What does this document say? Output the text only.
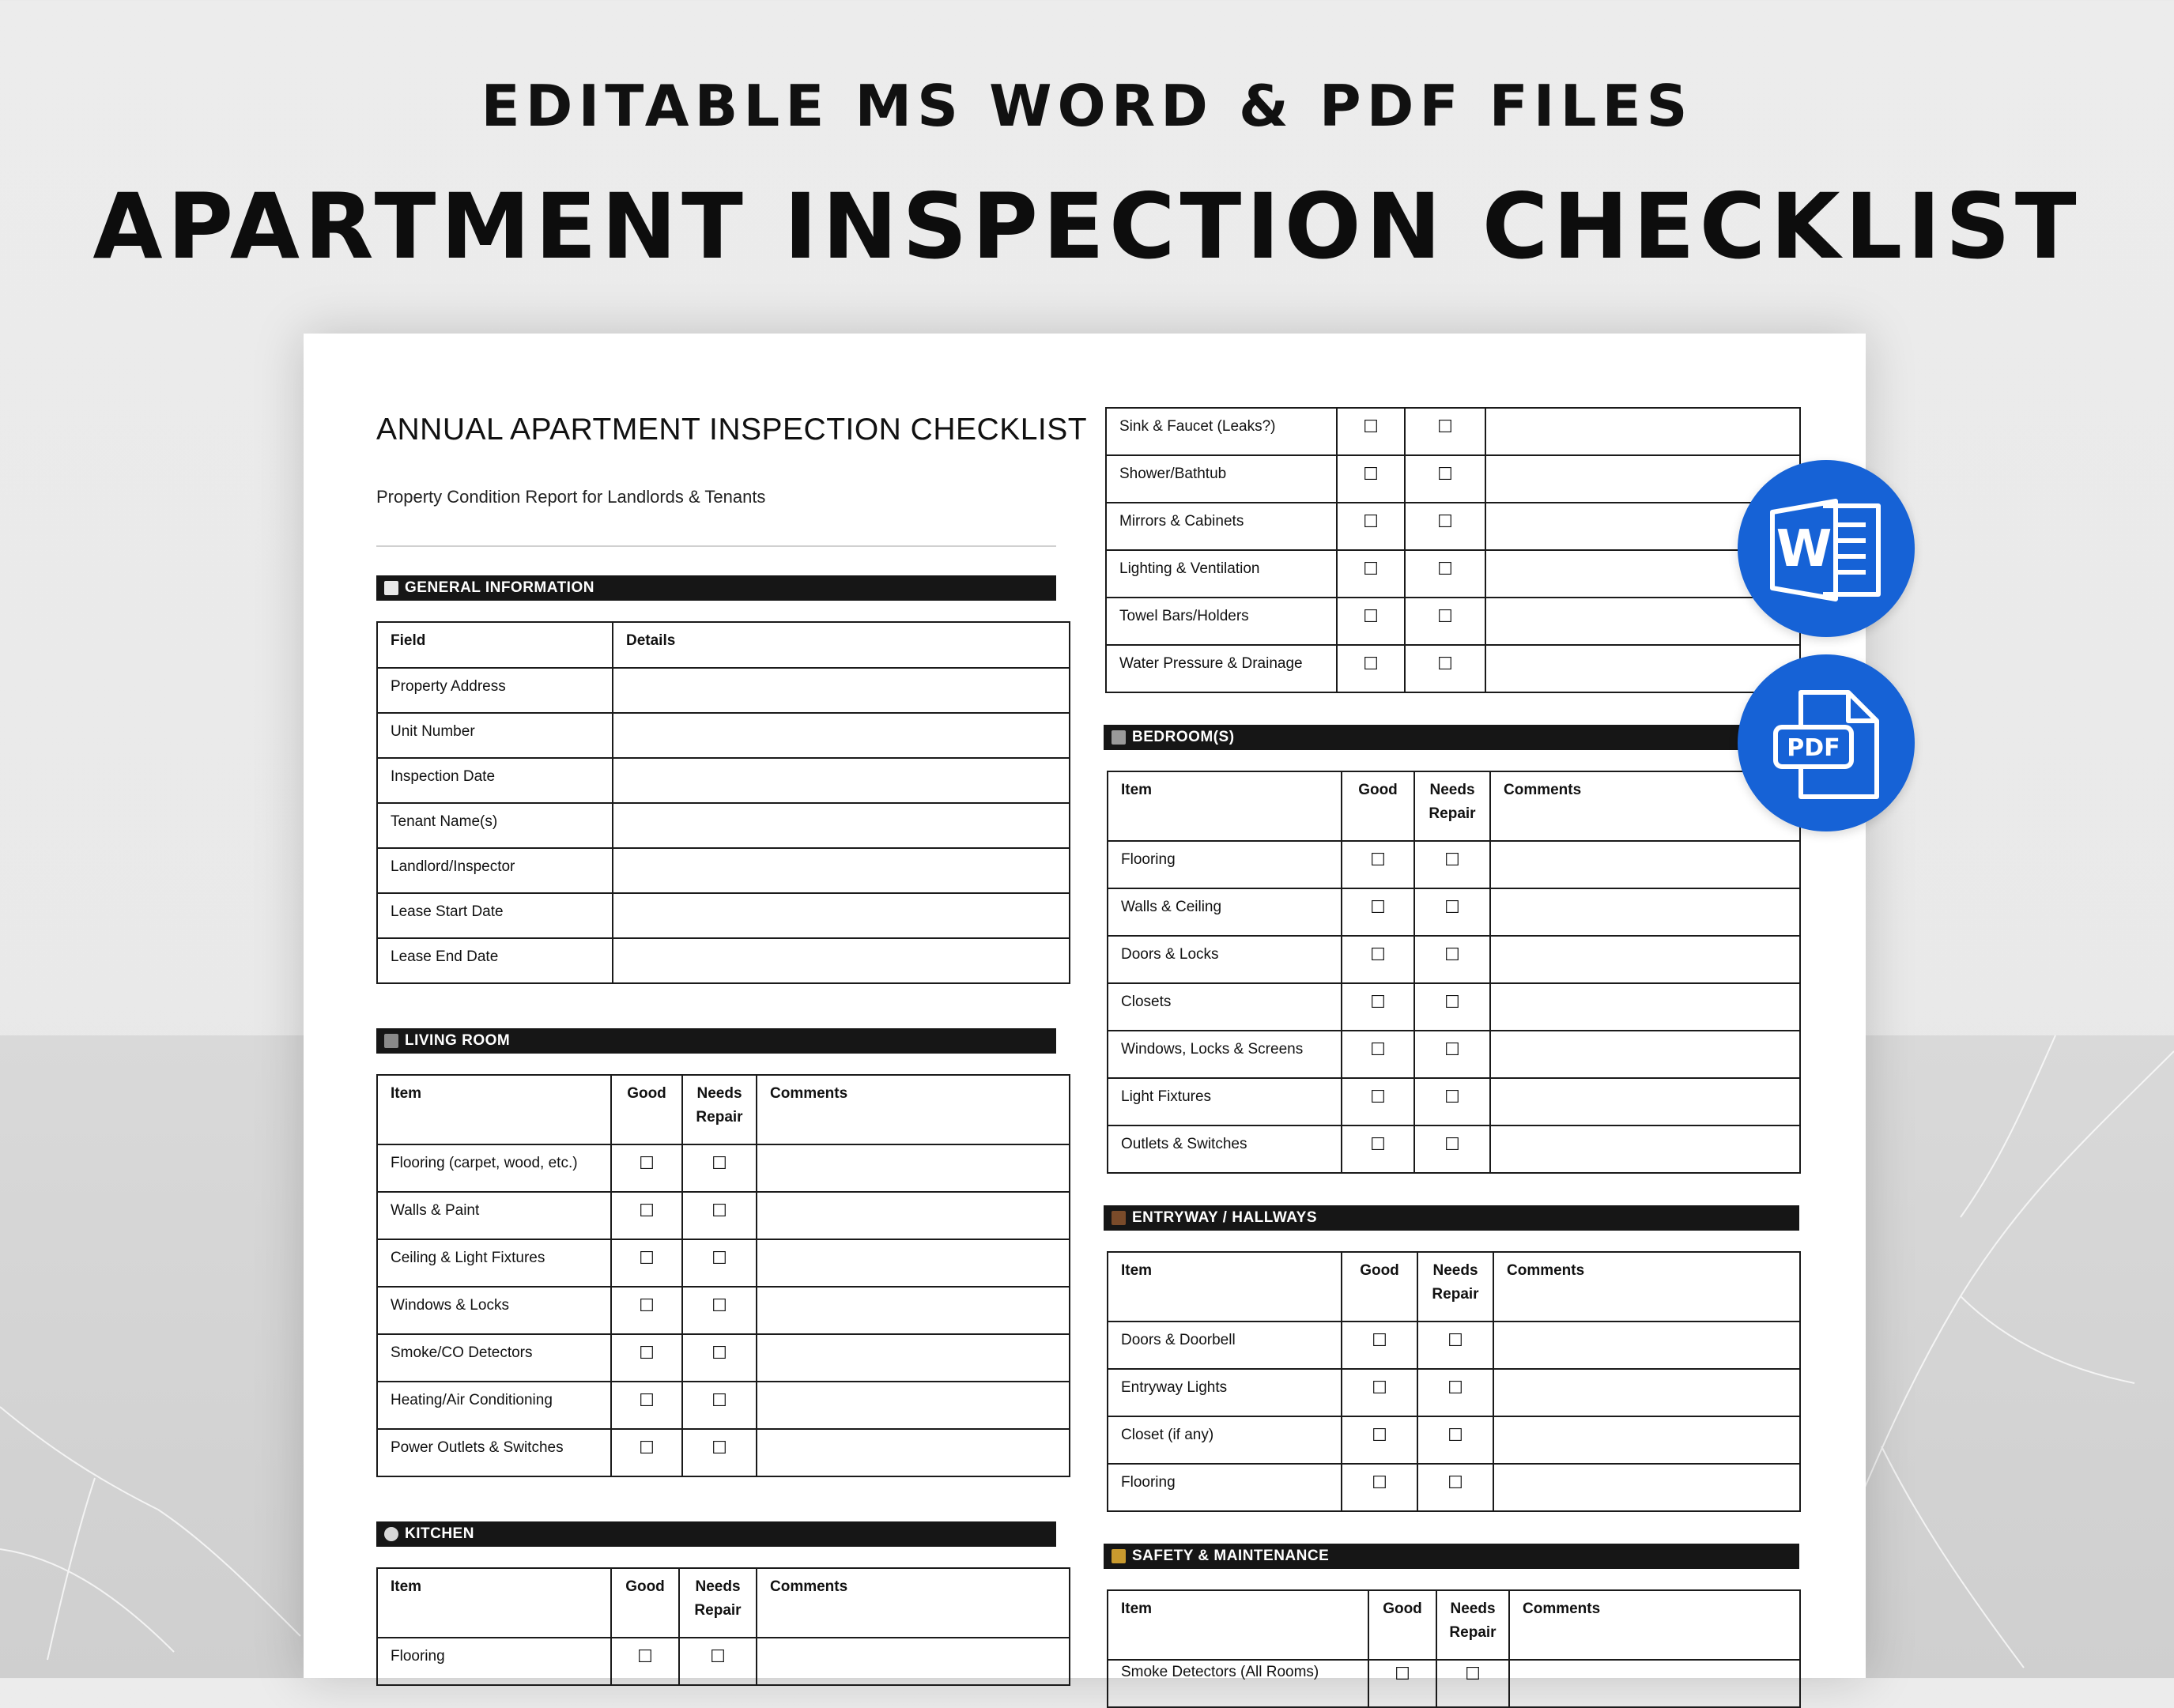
EDITABLE MS WORD & PDF FILES
APARTMENT INSPECTION CHECKLIST
ANNUAL APARTMENT INSPECTION CHECKLIST
Property Condition Report for Landlords & Tenants
GENERAL INFORMATION
Field	Details
Property Address	
Unit Number	
Inspection Date	
Tenant Name(s)	
Landlord/Inspector	
Lease Start Date	
Lease End Date	
LIVING ROOM
Item	Good	Needs Repair	Comments
Flooring (carpet, wood, etc.)	☐	☐	
Walls & Paint	☐	☐	
Ceiling & Light Fixtures	☐	☐	
Windows & Locks	☐	☐	
Smoke/CO Detectors	☐	☐	
Heating/Air Conditioning	☐	☐	
Power Outlets & Switches	☐	☐	
KITCHEN
Item	Good	Needs Repair	Comments
Flooring	☐	☐	
Sink & Faucet (Leaks?)	☐	☐	
Shower/Bathtub	☐	☐	
Mirrors & Cabinets	☐	☐	
Lighting & Ventilation	☐	☐	
Towel Bars/Holders	☐	☐	
Water Pressure & Drainage	☐	☐	
BEDROOM(S)
Item	Good	Needs Repair	Comments
Flooring	☐	☐	
Walls & Ceiling	☐	☐	
Doors & Locks	☐	☐	
Closets	☐	☐	
Windows, Locks & Screens	☐	☐	
Light Fixtures	☐	☐	
Outlets & Switches	☐	☐	
ENTRYWAY / HALLWAYS
Item	Good	Needs Repair	Comments
Doors & Doorbell	☐	☐	
Entryway Lights	☐	☐	
Closet (if any)	☐	☐	
Flooring	☐	☐	
SAFETY & MAINTENANCE
Item	Good	Needs Repair	Comments
Smoke Detectors (All Rooms)	☐	☐	
W
PDF
